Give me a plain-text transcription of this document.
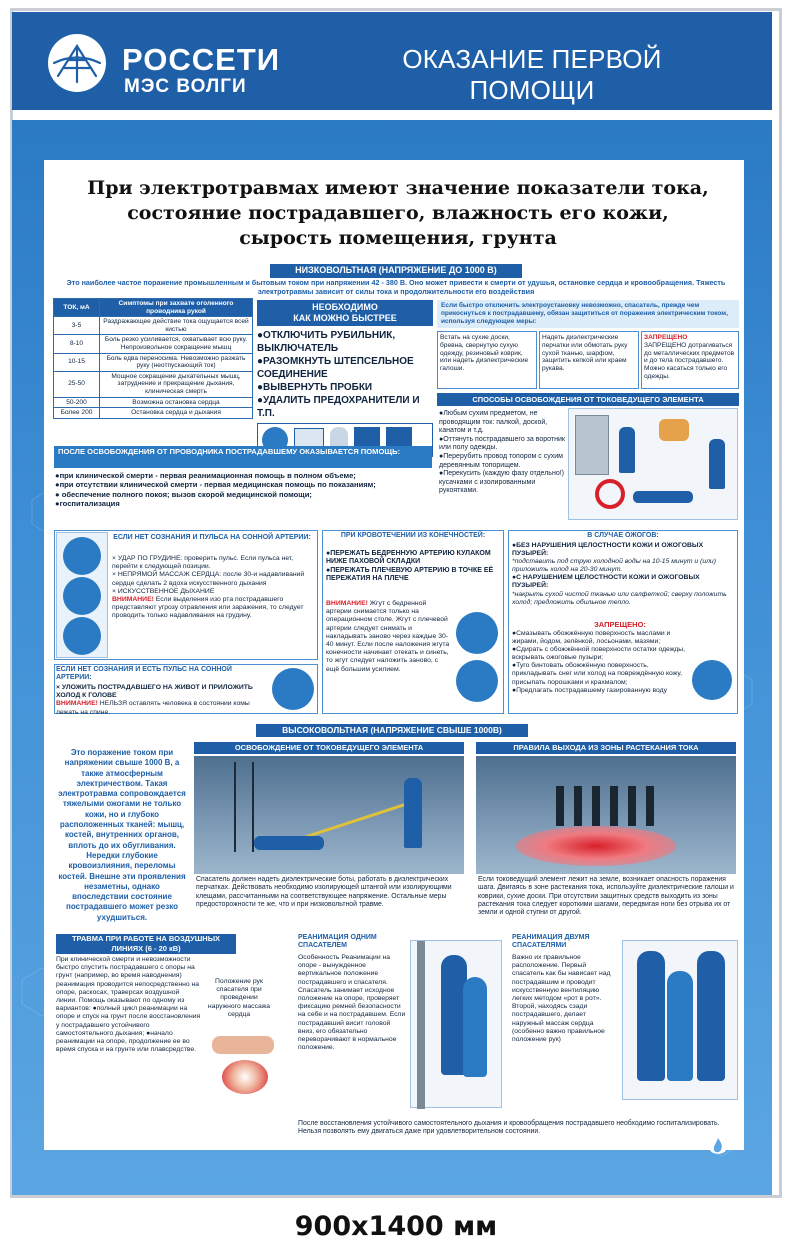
РОССЕТИ
МЭС ВОЛГИ
ОКАЗАНИЕ ПЕРВОЙ ПОМОЩИ
При электротравмах имеют значение показатели тока,
состояние пострадавшего, влажность его кожи,
сырость помещения, грунта
НИЗКОВОЛЬТНАЯ (НАПРЯЖЕНИЕ ДО 1000 В)
Это наиболее частое поражение промышленным и бытовым током при напряжении 42 - 380 В. Оно может привести к смерти от удушья, остановке сердца и кровообращения. Тяжесть электротравмы зависит от силы тока и продолжительности его воздействия
ТОК, мА	Симптомы при захвате оголенного проводника рукой
3-5	Раздражающее действие тока ощущается всей кистью
8-10	Боль резко усиливается, охватывает всю руку. Непроизвольное сокращение мышц
10-15	Боль едва переносима. Невозможно разжать руку (неотпускающий ток)
25-50	Мощное сокращение дыхательных мышц, затруднение и прекращение дыхания, клиническая смерть
50-200	Возможна остановка сердца
Более 200	Остановка сердца и дыхания
НЕОБХОДИМО
КАК МОЖНО БЫСТРЕЕ
●ОТКЛЮЧИТЬ РУБИЛЬНИК, ВЫКЛЮЧАТЕЛЬ
●РАЗОМКНУТЬ ШТЕПСЕЛЬНОЕ СОЕДИНЕНИЕ
●ВЫВЕРНУТЬ ПРОБКИ
●УДАЛИТЬ ПРЕДОХРАНИТЕЛИ И Т.П.
Если быстро отключить электроустановку невозможно, спасатель, прежде чем прикоснуться к пострадавшему, обязан защититься от поражения электрическим током, используя следующие меры:
Встать на сухие доски, бревна, свернутую сухую одежду, резиновый коврик, или надеть диэлектрические галоши.
Надеть диэлектрические перчатки или обмотать руку сухой тканью, шарфом, защитить кепкой или краем рукава.
ЗАПРЕЩЕНО
ЗАПРЕЩЕНО дотрагиваться до металлических предметов и до тела пострадавшего. Можно касаться только его одежды.
СПОСОБЫ ОСВОБОЖДЕНИЯ ОТ ТОКОВЕДУЩЕГО ЭЛЕМЕНТА
●Любым сухим предметом, не проводящим ток: палкой, доской, канатом и т.д.
●Оттянуть пострадавшего за воротник или полу одежды.
●Перерубить провод топором с сухим деревянным топорищем.
●Перекусить (каждую фазу отдельно!) кусачками с изолированными рукоятками.
ПОСЛЕ ОСВОБОЖДЕНИЯ ОТ ПРОВОДНИКА ПОСТРАДАВШЕМУ ОКАЗЫВАЕТСЯ ПОМОЩЬ:
●при клинической смерти - первая реанимационная помощь в полном объеме;
●при отсутствии клинической смерти - первая медицинская помощь по показаниям;
● обеспечение полного покоя; вызов скорой медицинской помощи;
●госпитализация
ЕСЛИ НЕТ СОЗНАНИЯ И ПУЛЬСА НА СОННОЙ АРТЕРИИ:
× УДАР ПО ГРУДИНЕ: проверить пульс. Если пульса нет, перейти к следующей позиции.
× НЕПРЯМОЙ МАССАЖ СЕРДЦА: после 30-и надавливаний сердце сделать 2 вдоха искусственного дыхания
× ИСКУССТВЕННОЕ ДЫХАНИЕ
ВНИМАНИЕ! Если выделения изо рта пострадавшего представляют угрозу отравления или заражения, то следует проводить только надавливания на грудину.
ЕСЛИ НЕТ СОЗНАНИЯ И ЕСТЬ ПУЛЬС НА СОННОЙ АРТЕРИИ:
× УЛОЖИТЬ ПОСТРАДАВШЕГО НА ЖИВОТ И ПРИЛОЖИТЬ ХОЛОД К ГОЛОВЕ
ВНИМАНИЕ! НЕЛЬЗЯ оставлять человека в состоянии комы лежать на спине.
ПРИ КРОВОТЕЧЕНИИ ИЗ КОНЕЧНОСТЕЙ:
●ПЕРЕЖАТЬ БЕДРЕННУЮ АРТЕРИЮ КУЛАКОМ НИЖЕ ПАХОВОЙ СКЛАДКИ
●ПЕРЕЖАТЬ ПЛЕЧЕВУЮ АРТЕРИЮ В ТОЧКЕ ЕЁ ПЕРЕЖАТИЯ НА ПЛЕЧЕ
ВНИМАНИЕ! Жгут с бедренной артерии снимается только на операционном столе. Жгут с плечевой артерии следует снимать и накладывать заново через каждые 30-40 минут. Если после наложения жгута конечности начинает отекать и синеть, то жгут следует наложить заново, с ещё большим усилием.
В СЛУЧАЕ ОЖОГОВ:
●БЕЗ НАРУШЕНИЯ ЦЕЛОСТНОСТИ КОЖИ И ОЖОГОВЫХ ПУЗЫРЕЙ:
*подставить под струю холодной воды на 10-15 минут и (или) приложить холод на 20-30 минут.
●С НАРУШЕНИЕМ ЦЕЛОСТНОСТИ КОЖИ И ОЖОГОВЫХ ПУЗЫРЕЙ:
*накрыть сухой чистой тканью или салфеткой; сверху положить холод; предложить обильное тепло.
ЗАПРЕЩЕНО:
●Смазывать обожжённую поверхность маслами и жирами, йодом, зелёнкой, лосьонами, мазями;
●Сдирать с обожжённой поверхности остатки одежды, вскрывать ожоговые пузыри;
●Туго бинтовать обожжённую поверхность, прикладывать снег или холод на повреждённую кожу, присыпать порошками и крахмалом;
●Предлагать пострадавшему газированную воду
ВЫСОКОВОЛЬТНАЯ (НАПРЯЖЕНИЕ СВЫШЕ 1000В)
Это поражение током при напряжении свыше 1000 В, а также атмосферным электричеством. Такая электротравма сопровождается тяжелыми ожогами не только кожи, но и глубоко расположенных тканей: мышц, костей, внутренних органов, вплоть до их обугливания. Нередки глубокие кровоизлияния, переломы костей. Внешне эти проявления незаметны, однако впоследствии состояние пострадавшего может резко ухудшиться.
ОСВОБОЖДЕНИЕ ОТ ТОКОВЕДУЩЕГО ЭЛЕМЕНТА
Спасатель должен надеть диэлектрические боты, работать в диэлектрических перчатках. Действовать необходимо изолирующей штангой или изолирующими клещами, рассчитанными на соответствующее напряжение. Остальные меры предосторожности те же, что и при низковольтной травме.
ПРАВИЛА ВЫХОДА ИЗ ЗОНЫ РАСТЕКАНИЯ ТОКА
Если токоведущий элемент лежит на земле, возникает опасность поражения шага. Двигаясь в зоне растекания тока, используйте диэлектрические галоши и коврики, сухие доски. При отсутствии защитных средств выходить из зоны растекания тока следует короткими шагами, передвигая ноги без отрыва их от земли и одной ступни от другой.
ТРАВМА ПРИ РАБОТЕ НА ВОЗДУШНЫХ ЛИНИЯХ (6 - 20 кВ)
При клинической смерти и невозможности быстро спустить пострадавшего с опоры на грунт (например, во время наводнения) реанимация проводится непосредственно на опоре, раскосах, траверсах воздушной линии. Помощь оказывают по одному из вариантов: ●полный цикл реанимации на опоре и спуск на грунт после восстановления у пострадавшего устойчивого самостоятельного дыхания; ●начало реанимации на опоре, продолжение ее во время спуска и на грунте или плавсредстве.
Положение рук спасателя при проведении наружного массажа сердца
РЕАНИМАЦИЯ ОДНИМ СПАСАТЕЛЕМ
Особенность Реанимации на опоре - вынужденное вертикальное положение пострадавшего и спасателя. Спасатель занимает исходное положение на опоре, проверяет фиксацию ремней безопасности на себе и на пострадавшем. Если пострадавший висит головой вниз, его обязательно переворачивают в нормальное положение.
РЕАНИМАЦИЯ ДВУМЯ СПАСАТЕЛЯМИ
Важно их правильное расположение. Первый спасатель как бы нависает над пострадавшим и проводит искусственную вентиляцию легких методом «рот в рот». Второй, находясь сзади пострадавшего, делает наружный массаж сердца (особенно важно правильное положение рук)
После восстановления устойчивого самостоятельного дыхания и кровообращения пострадавшего необходимо госпитализировать. Нельзя позволять ему двигаться даже при удовлетворительном состоянии.
900x1400 мм
